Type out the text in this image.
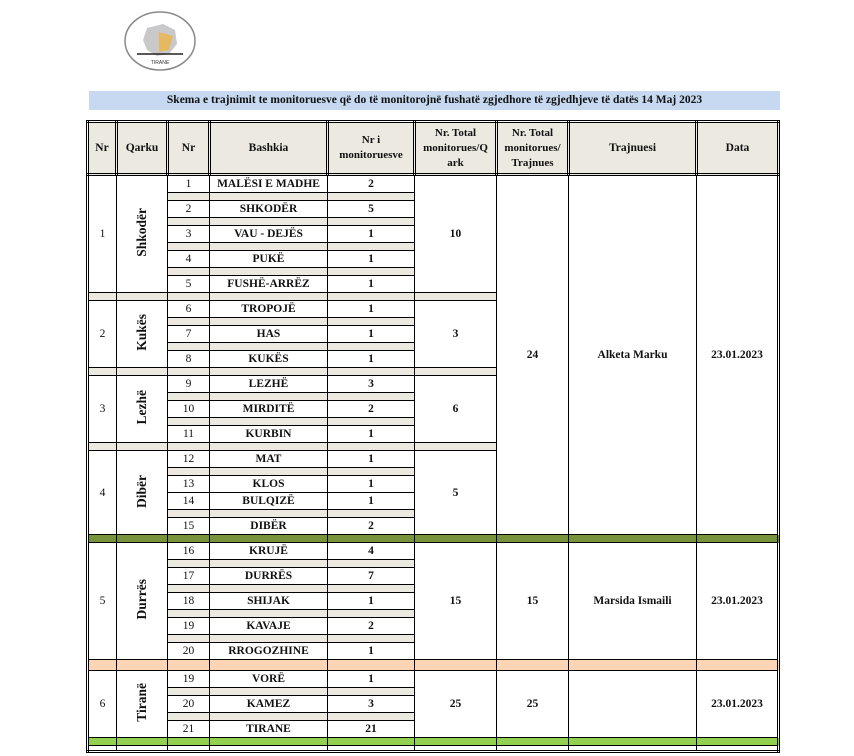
TIRANE
Skema e trajnimit te monitoruesve që do të monitorojnë fushatë zgjedhore të zgjedhjeve të datës 14 Maj 2023
Nr	Qarku	Nr	Bashkia	Nr i monitoruesve	Nr. Total monitorues/Q ark	Nr. Total monitorues/ Trajnues	Trajnuesi	Data
1	Shkodër	1	MALËSI E MADHE	2	10	24	Alketa Marku	23.01.2023

		2	SHKODËR	5				

		3	VAU - DEJËS	1				

		4	PUKË	1				

		5	FUSHË-ARRËZ	1				

2	Kukës	6	TROPOJË	1	3			

		7	HAS	1				

		8	KUKËS	1				

3	Lezhë	9	LEZHË	3	6			

		10	MIRDITË	2				

		11	KURBIN	1				

4	Dibër	12	MAT	1	5			

		13	KLOS	1				
		14	BULQIZË	1				

		15	DIBËR	2				

5	Durrës	16	KRUJË	4	15	15	Marsida Ismaili	23.01.2023

		17	DURRËS	7				

		18	SHIJAK	1				

		19	KAVAJE	2				

		20	RROGOZHINE	1				

6	Tiranë	19	VORË	1	25	25		23.01.2023

		20	KAMEZ	3				

		21	TIRANE	21				
